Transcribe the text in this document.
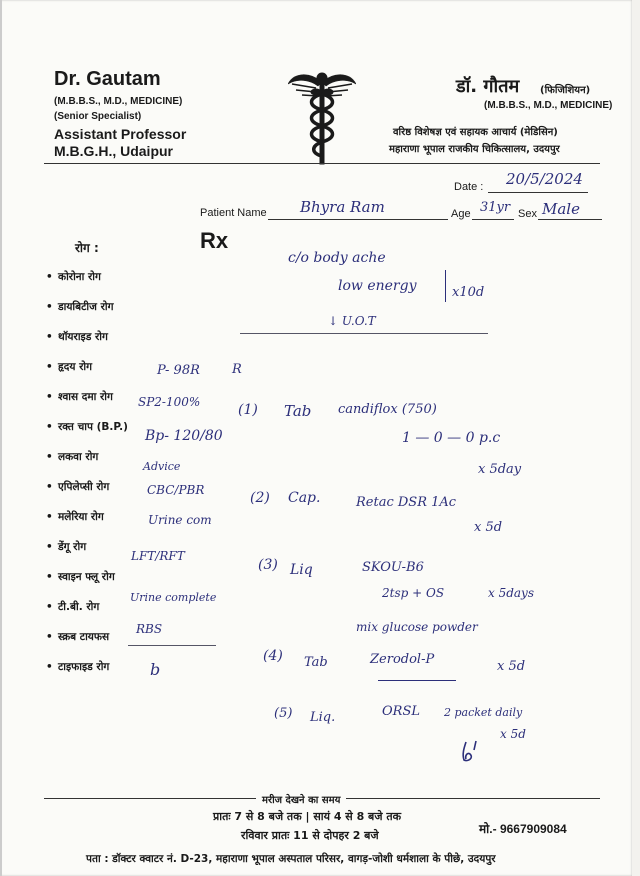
Dr. Gautam
(M.B.B.S., M.D., MEDICINE)
(Senior Specialist)
Assistant Professor
M.B.G.H., Udaipur
डॉ. गौतम (फिजिशियन)
(M.B.B.S., M.D., MEDICINE)
वरिष्ठ विशेषज्ञ एवं सहायक आचार्य (मेडिसिन)
महाराणा भूपाल राजकीय चिकित्सालय, उदयपुर
Date : 20/5/2024
Patient Name Bhyra Ram	Age 31yr Sex Male
Rx
रोग :
• कोरोना रोग
• डायबिटीज रोग
• थॉयराइड रोग
• हृदय रोग
• श्वास दमा रोग
• रक्त चाप (B.P.)
• लकवा रोग
• एपिलेप्सी रोग
• मलेरिया रोग
• डेंगू रोग
• स्वाइन फ्लू रोग
• टी.बी. रोग
• स्क्रब टायफस
• टाइफाइड रोग
c/o body ache
low energy	x10d
↓ U.O.T
P- 98R R
SP2-100%
Bp- 120/80
Advice
CBC/PBR
Urine com
LFT/RFT
Urine complete
RBS
b
(1) Tab candiflox (750)
1 — 0 — 0 p.c
x 5day
(2) Cap.	Retac DSR 1Ac
x 5d
(3) Liq	SKOU-B6
2tsp + OS	x 5days
mix glucose powder
(4) Tab	Zerodol-P	x 5d
(5) Liq.	ORSL 2 packet daily
x 5d
मरीज देखने का समय
प्रातः 7 से 8 बजे तक | सायं 4 से 8 बजे तक
रविवार प्रातः 11 से दोपहर 2 बजे	मो.- 9667909084
पता : डॉक्टर क्वाटर नं. D-23, महाराणा भूपाल अस्पताल परिसर, वागड़-जोशी धर्मशाला के पीछे, उदयपुर
